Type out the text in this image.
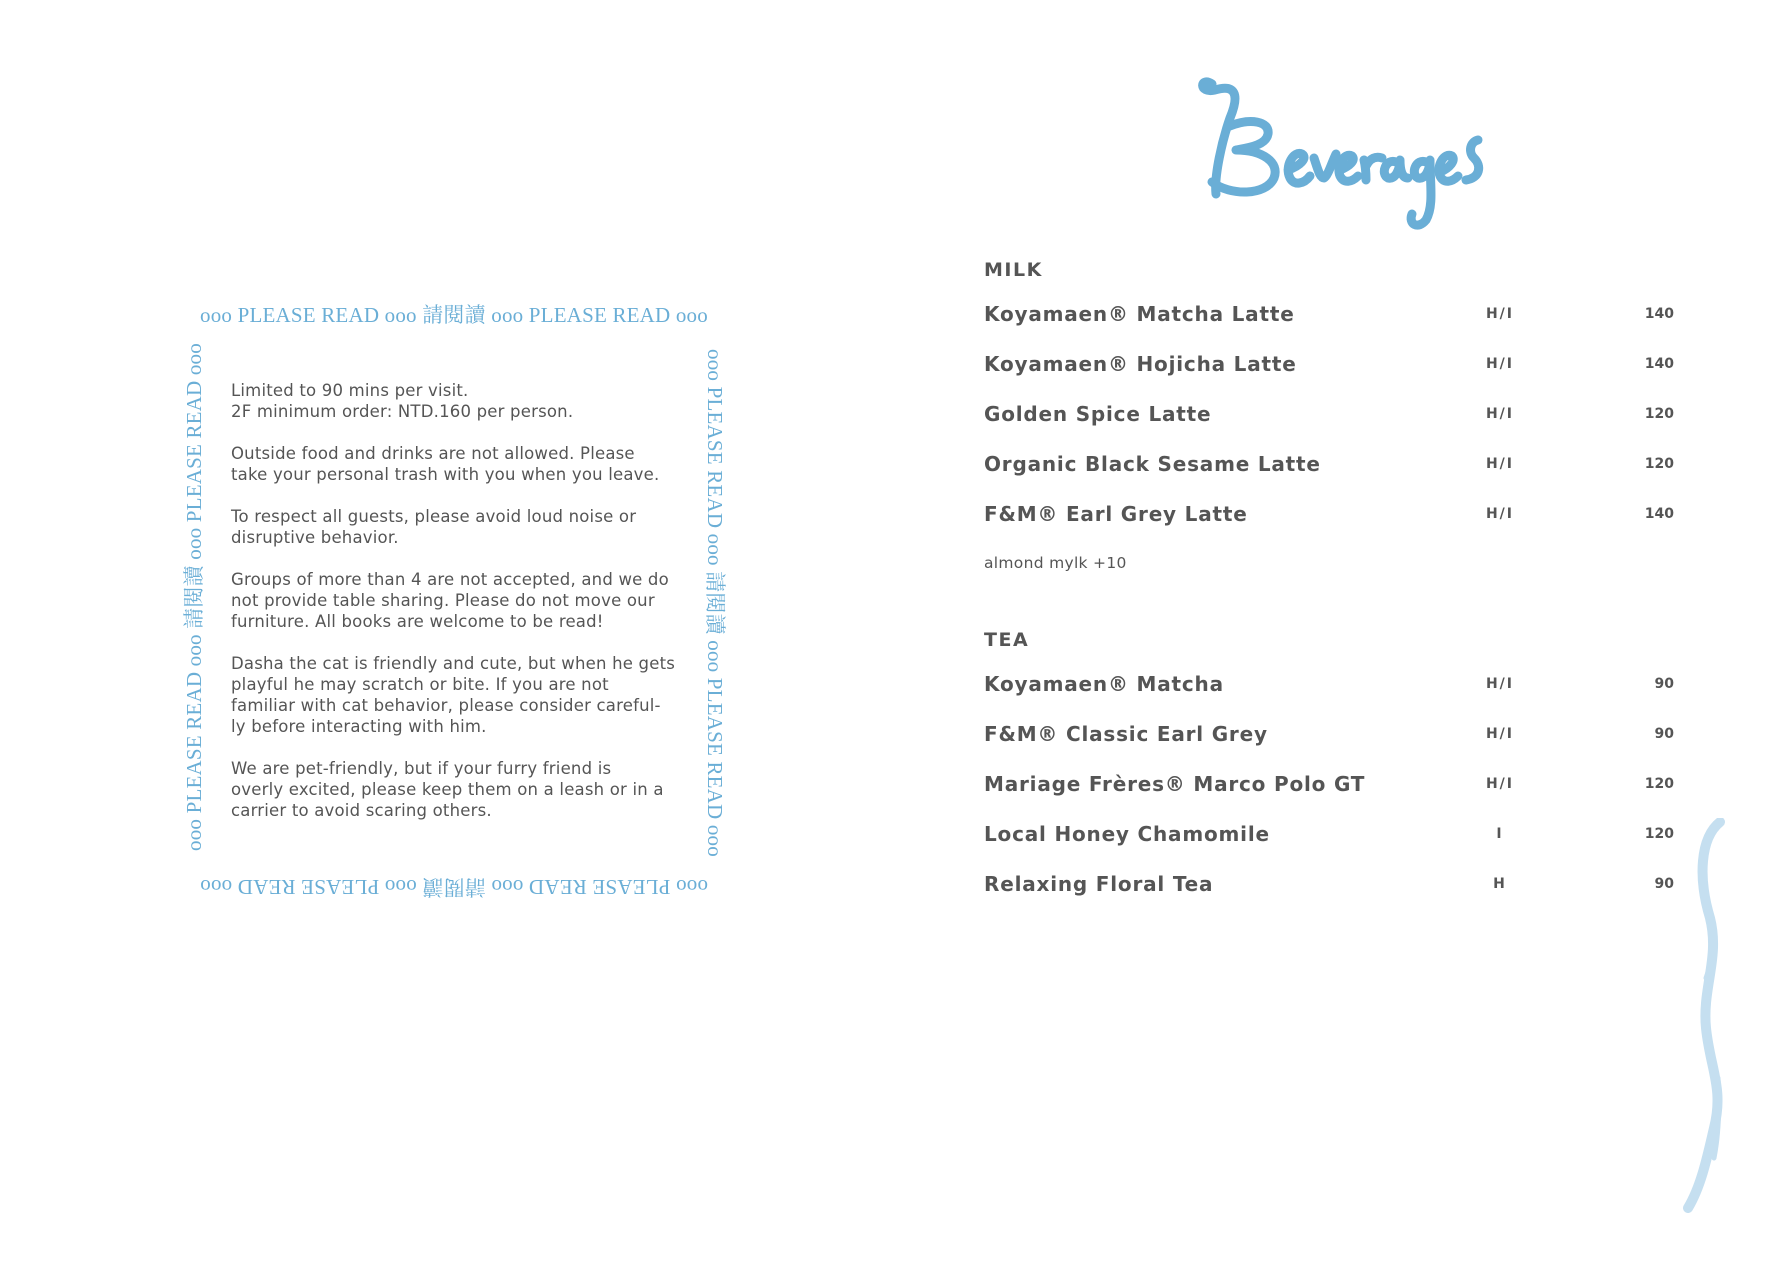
ooo PLEASE READ ooo 請閱讀 ooo PLEASE READ ooo
ooo PLEASE READ ooo 請閱讀 ooo PLEASE READ ooo	ooo PLEASE READ ooo 請閱讀 ooo PLEASE READ ooo
ooo PLEASE READ ooo 請閱讀 ooo PLEASE READ ooo

Limited to 90 mins per visit.
2F minimum order: NTD.160 per person.

Outside food and drinks are not allowed. Please
take your personal trash with you when you leave.

To respect all guests, please avoid loud noise or
disruptive behavior.

Groups of more than 4 are not accepted, and we do
not provide table sharing. Please do not move our
furniture. All books are welcome to be read!

Dasha the cat is friendly and cute, but when he gets
playful he may scratch or bite. If you are not
familiar with cat behavior, please consider careful-
ly before interacting with him.

We are pet-friendly, but if your furry friend is
overly excited, please keep them on a leash or in a
carrier to avoid scaring others.

MILK
Koyamaen® Matcha Latte	H/I	140
Koyamaen® Hojicha Latte	H/I	140
Golden Spice Latte	H/I	120
Organic Black Sesame Latte	H/I	120
F&M® Earl Grey Latte	H/I	140
almond mylk +10
TEA
Koyamaen® Matcha	H/I	90
F&M® Classic Earl Grey	H/I	90
Mariage Frères® Marco Polo GT	H/I	120
Local Honey Chamomile	I	120
Relaxing Floral Tea	H	90
